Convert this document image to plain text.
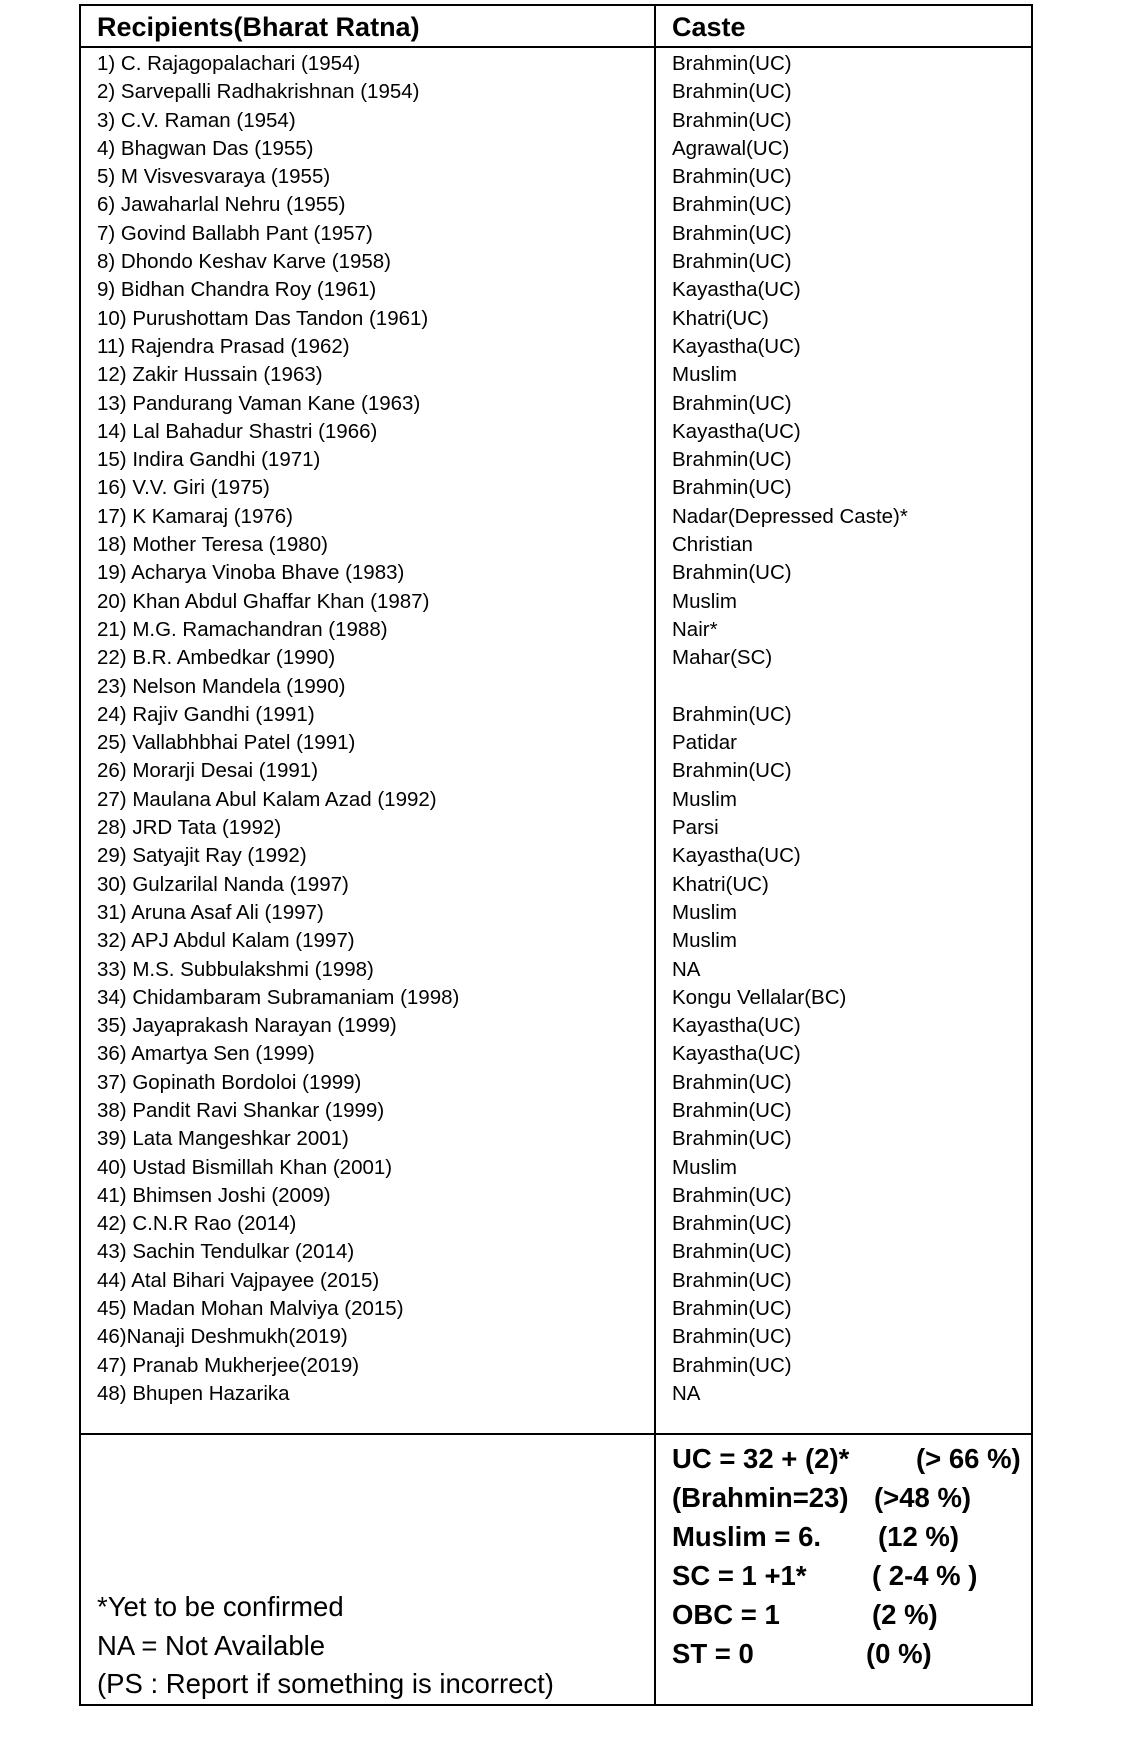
Recipients(Bharat Ratna)	Caste
1) C. Rajagopalachari (1954)	Brahmin(UC)
2) Sarvepalli Radhakrishnan (1954)	Brahmin(UC)
3) C.V. Raman (1954)	Brahmin(UC)
4) Bhagwan Das (1955)	Agrawal(UC)
5) M Visvesvaraya (1955)	Brahmin(UC)
6) Jawaharlal Nehru (1955)	Brahmin(UC)
7) Govind Ballabh Pant (1957)	Brahmin(UC)
8) Dhondo Keshav Karve (1958)	Brahmin(UC)
9) Bidhan Chandra Roy (1961)	Kayastha(UC)
10) Purushottam Das Tandon (1961)	Khatri(UC)
11) Rajendra Prasad (1962)	Kayastha(UC)
12) Zakir Hussain (1963)	Muslim
13) Pandurang Vaman Kane (1963)	Brahmin(UC)
14) Lal Bahadur Shastri (1966)	Kayastha(UC)
15) Indira Gandhi (1971)	Brahmin(UC)
16) V.V. Giri (1975)	Brahmin(UC)
17) K Kamaraj (1976)	Nadar(Depressed Caste)*
18) Mother Teresa (1980)	Christian
19) Acharya Vinoba Bhave (1983)	Brahmin(UC)
20) Khan Abdul Ghaffar Khan (1987)	Muslim
21) M.G. Ramachandran (1988)	Nair*
22) B.R. Ambedkar (1990)	Mahar(SC)
23) Nelson Mandela (1990)
24) Rajiv Gandhi (1991)	Brahmin(UC)
25) Vallabhbhai Patel (1991)	Patidar
26) Morarji Desai (1991)	Brahmin(UC)
27) Maulana Abul Kalam Azad (1992)	Muslim
28) JRD Tata (1992)	Parsi
29) Satyajit Ray (1992)	Kayastha(UC)
30) Gulzarilal Nanda (1997)	Khatri(UC)
31) Aruna Asaf Ali (1997)	Muslim
32) APJ Abdul Kalam (1997)	Muslim
33) M.S. Subbulakshmi (1998)	NA
34) Chidambaram Subramaniam (1998)	Kongu Vellalar(BC)
35) Jayaprakash Narayan (1999)	Kayastha(UC)
36) Amartya Sen (1999)	Kayastha(UC)
37) Gopinath Bordoloi (1999)	Brahmin(UC)
38) Pandit Ravi Shankar (1999)	Brahmin(UC)
39) Lata Mangeshkar 2001)	Brahmin(UC)
40) Ustad Bismillah Khan (2001)	Muslim
41) Bhimsen Joshi (2009)	Brahmin(UC)
42) C.N.R Rao (2014)	Brahmin(UC)
43) Sachin Tendulkar (2014)	Brahmin(UC)
44) Atal Bihari Vajpayee (2015)	Brahmin(UC)
45) Madan Mohan Malviya (2015)	Brahmin(UC)
46)Nanaji Deshmukh(2019)	Brahmin(UC)
47) Pranab Mukherjee(2019)	Brahmin(UC)
48) Bhupen Hazarika	NA
*Yet to be confirmed
NA = Not Available
(PS : Report if something is incorrect)
UC = 32 + (2)* (> 66 %)
(Brahmin=23) (>48 %)
Muslim = 6. (12 %)
SC = 1 +1* ( 2-4 % )
OBC = 1	(2 %)
ST = 0	(0 %)
